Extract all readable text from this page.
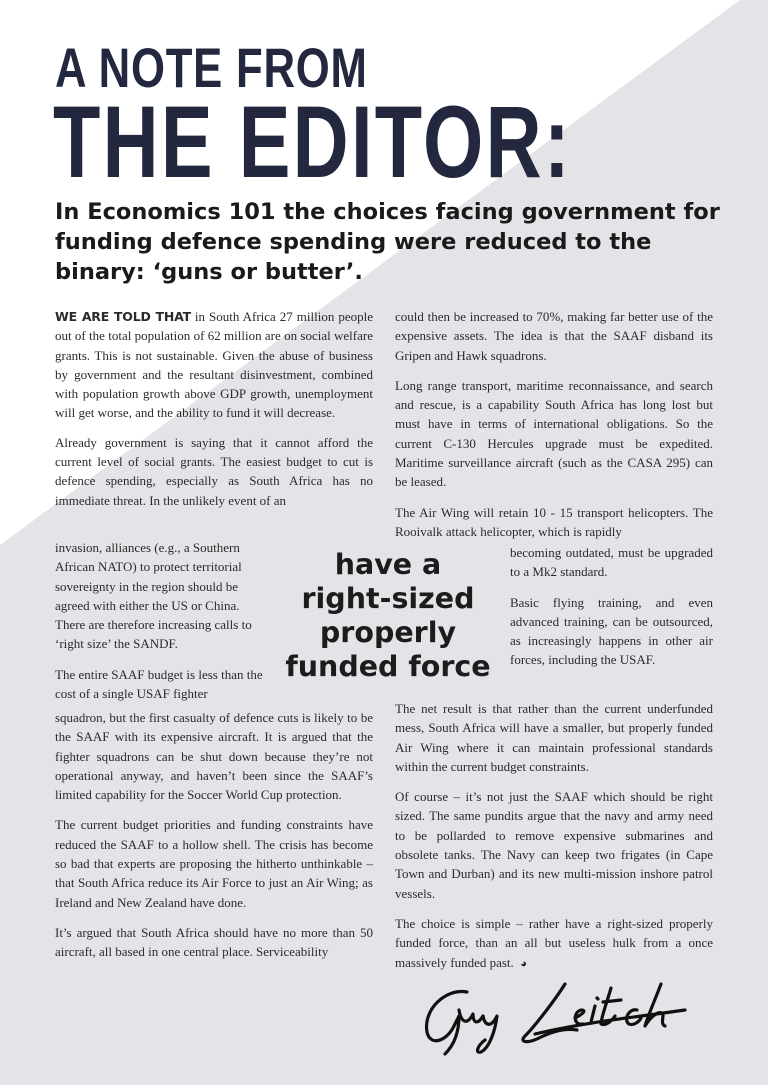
A NOTE FROM
THE EDITOR:
In Economics 101 the choices facing government for funding defence spending were reduced to the binary: ‘guns or butter’.

WE ARE TOLD THAT in South Africa 27 million people out of the total population of 62 million are on social welfare grants. This is not sustainable. Given the abuse of business by government and the resultant disinvestment, combined with population growth above GDP growth, unemployment will get worse, and the ability to fund it will decrease.

Already government is saying that it cannot afford the current level of social grants. The easiest budget to cut is defence spending, especially as South Africa has no immediate threat. In the unlikely event of an

invasion, alliances (e.g., a Southern African NATO) to protect territorial sovereignty in the region should be agreed with either the US or China. There are therefore increasing calls to ‘right size’ the SANDF.

The entire SAAF budget is less than the cost of a single USAF fighter

squadron, but the first casualty of defence cuts is likely to be the SAAF with its expensive aircraft. It is argued that the fighter squadrons can be shut down because they’re not operational anyway, and haven’t been since the SAAF’s limited capability for the Soccer World Cup protection.

The current budget priorities and funding constraints have reduced the SAAF to a hollow shell. The crisis has become so bad that experts are proposing the hitherto unthinkable – that South Africa reduce its Air Force to just an Air Wing; as Ireland and New Zealand have done.

It’s argued that South Africa should have no more than 50 aircraft, all based in one central place. Serviceability

have a
right-sized
properly
funded force

could then be increased to 70%, making far better use of the expensive assets. The idea is that the SAAF disband its Gripen and Hawk squadrons.

Long range transport, maritime reconnaissance, and search and rescue, is a capability South Africa has long lost but must have in terms of international obligations. So the current C-130 Hercules upgrade must be expedited. Maritime surveillance aircraft (such as the CASA 295) can be leased.

The Air Wing will retain 10 - 15 transport helicopters. The Rooivalk attack helicopter, which is rapidly

becoming outdated, must be upgraded to a Mk2 standard.

Basic flying training, and even advanced training, can be outsourced, as increasingly happens in other air forces, including the USAF.

The net result is that rather than the current underfunded mess, South Africa will have a smaller, but properly funded Air Wing where it can maintain professional standards within the current budget constraints.

Of course – it’s not just the SAAF which should be right sized. The same pundits argue that the navy and army need to be pollarded to remove expensive submarines and obsolete tanks. The Navy can keep two frigates (in Cape Town and Durban) and its new multi-mission inshore patrol vessels.

The choice is simple – rather have a right-sized properly funded force, than an all but useless hulk from a once massively funded past. ◕
